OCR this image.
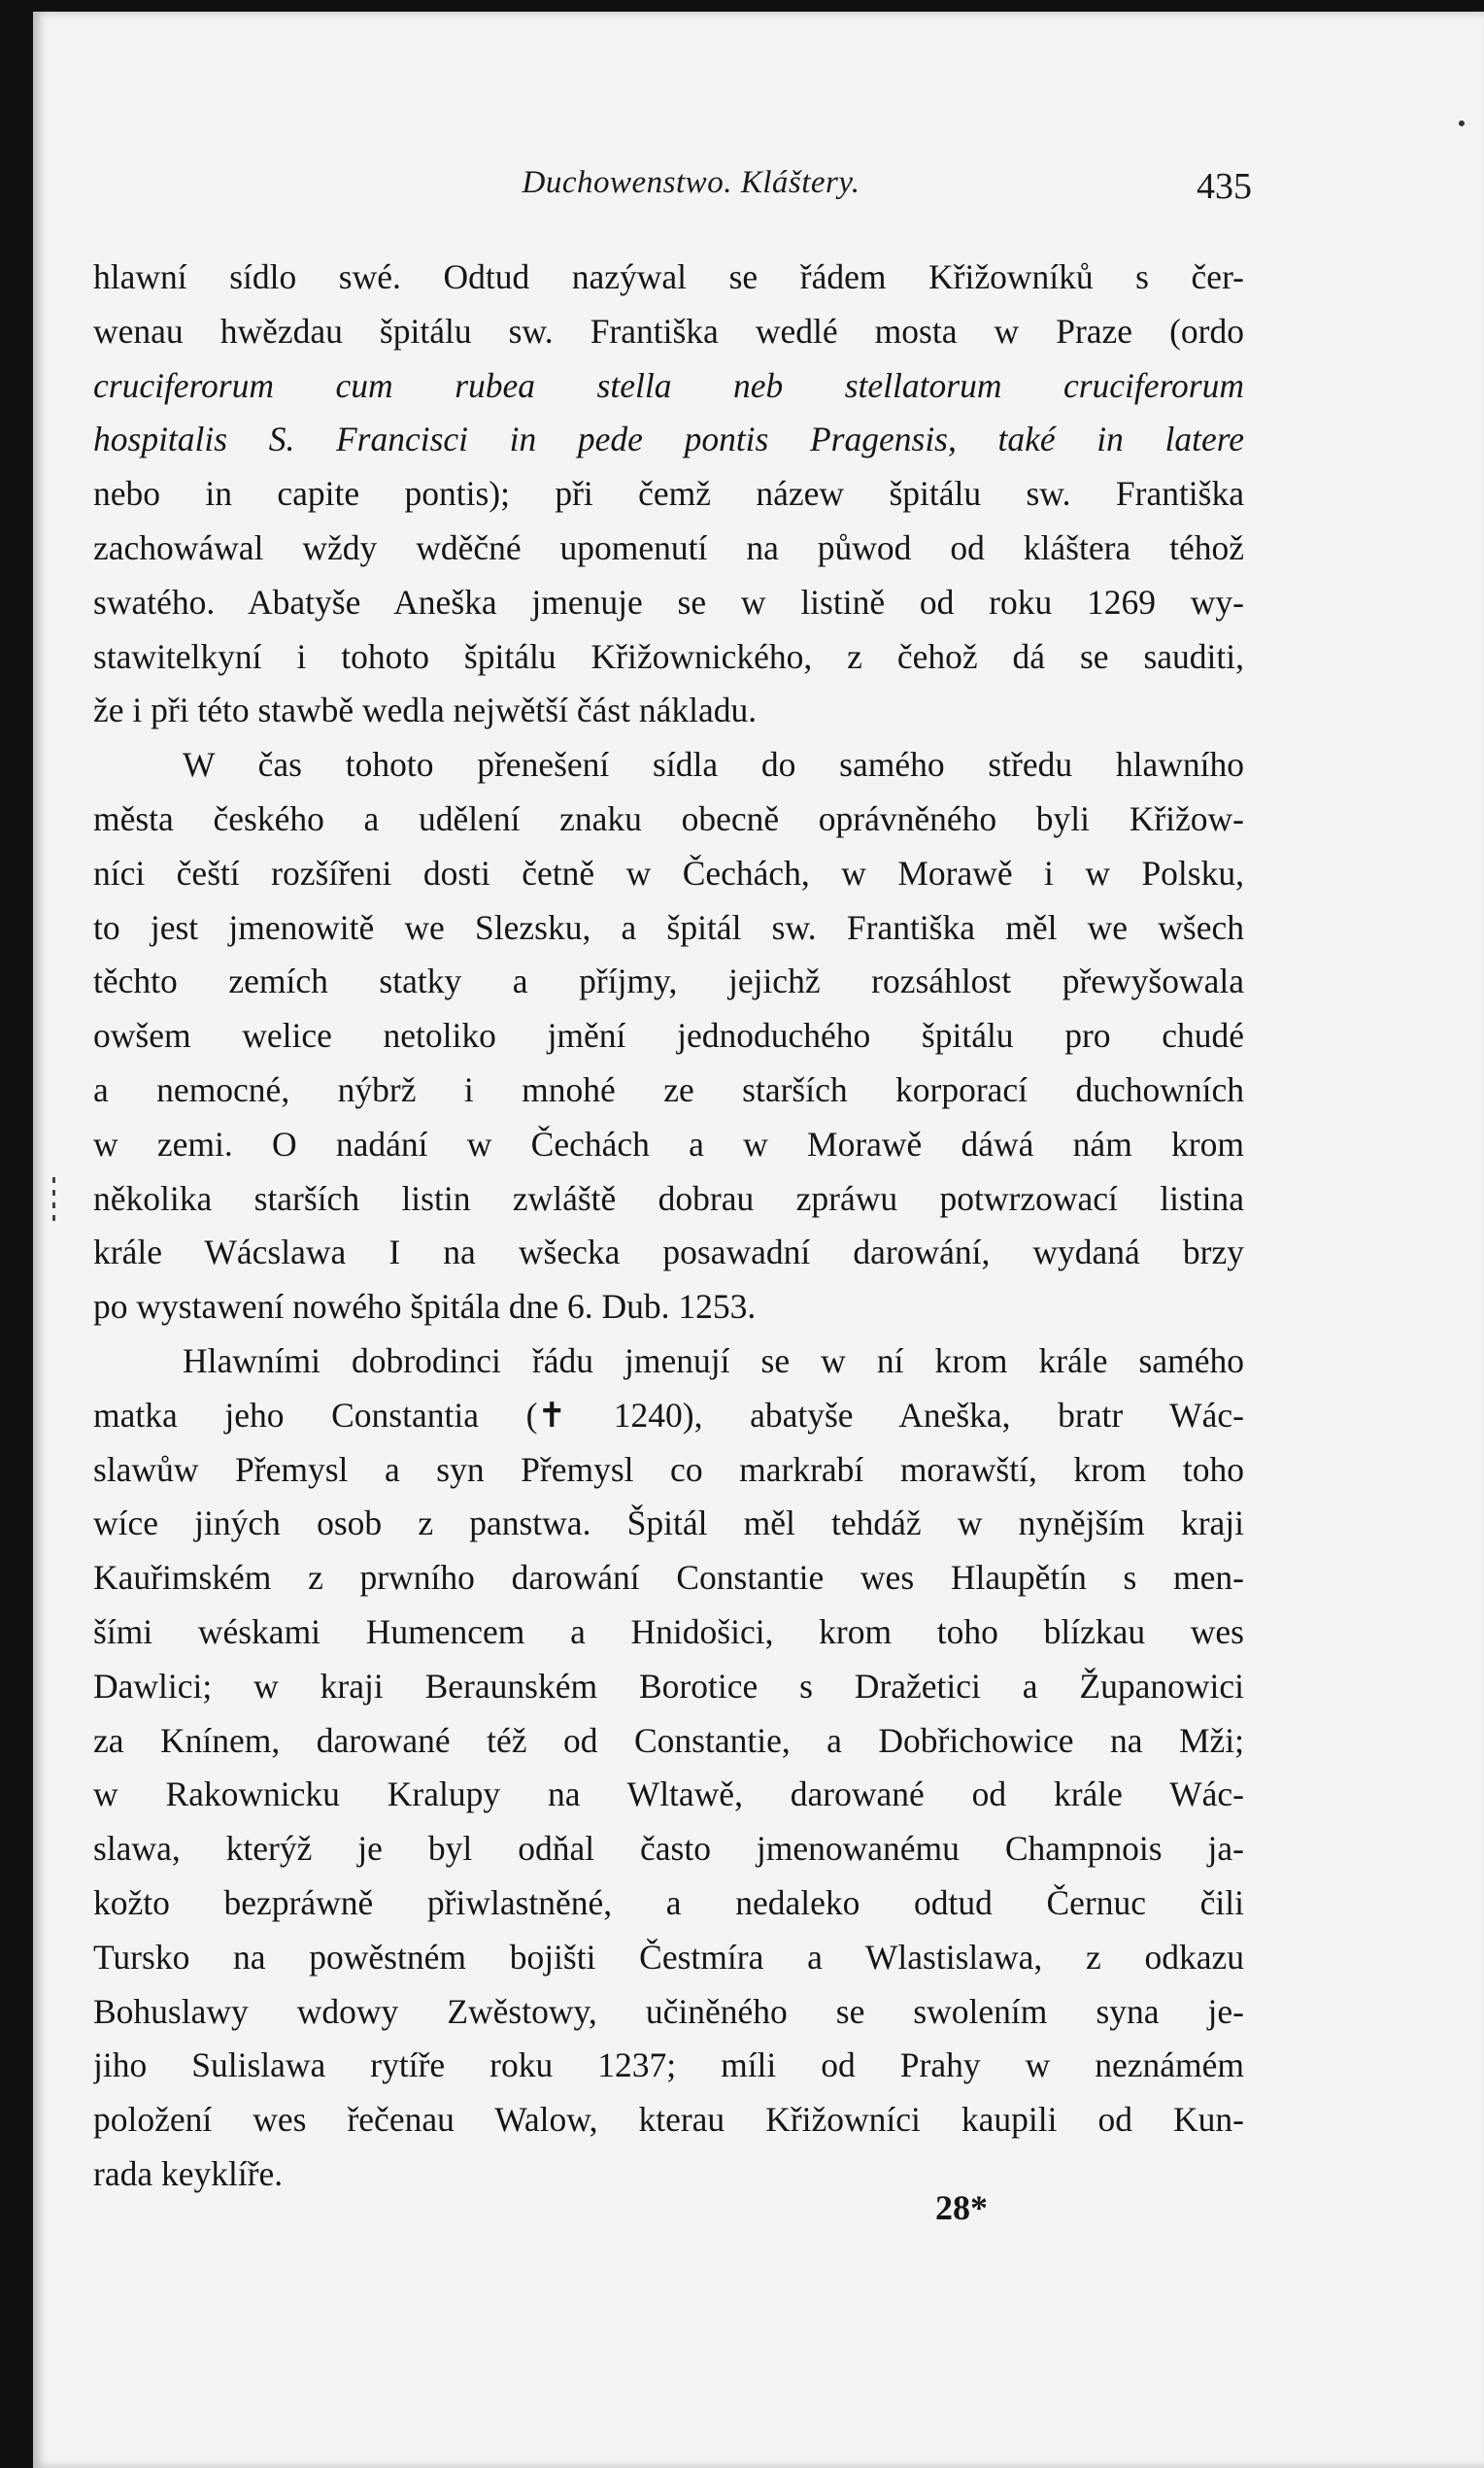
Duchowenstwo. Kláštery.	435
hlawní sídlo swé. Odtud nazýwal se řádem Křižowníků s čer-
wenau hwězdau špitálu sw. Františka wedlé mosta w Praze (ordo
cruciferorum cum rubea stella neb stellatorum cruciferorum
hospitalis S. Francisci in pede pontis Pragensis, také in latere
nebo in capite pontis); při čemž názew špitálu sw. Františka
zachowáwal wždy wděčné upomenutí na půwod od kláštera téhož
swatého. Abatyše Aneška jmenuje se w listině od roku 1269 wy-
stawitelkyní i tohoto špitálu Křižownického, z čehož dá se sauditi,
že i při této stawbě wedla nejwětší část nákladu.
W čas tohoto přenešení sídla do samého středu hlawního
města českého a udělení znaku obecně oprávněného byli Křižow-
níci čeští rozšířeni dosti četně w Čechách, w Morawě i w Polsku,
to jest jmenowitě we Slezsku, a špitál sw. Františka měl we wšech
těchto zemích statky a příjmy, jejichž rozsáhlost přewyšowala
owšem welice netoliko jmění jednoduchého špitálu pro chudé
a nemocné, nýbrž i mnohé ze starších korporací duchowních
w zemi. O nadání w Čechách a w Morawě dáwá nám krom
několika starších listin zwláště dobrau zpráwu potwrzowací listina
krále Wácslawa I na wšecka posawadní darowání, wydaná brzy
po wystawení nowého špitála dne 6. Dub. 1253.
Hlawními dobrodinci řádu jmenují se w ní krom krále samého
matka jeho Constantia (✝ 1240), abatyše Aneška, bratr Wác-
slawůw Přemysl a syn Přemysl co markrabí morawští, krom toho
wíce jiných osob z panstwa. Špitál měl tehdáž w nynějším kraji
Kauřimském z prwního darowání Constantie wes Hlaupětín s men-
šími wéskami Humencem a Hnidošici, krom toho blízkau wes
Dawlici; w kraji Beraunském Borotice s Dražetici a Županowici
za Knínem, darowané též od Constantie, a Dobřichowice na Mži;
w Rakownicku Kralupy na Wltawě, darowané od krále Wác-
slawa, kterýž je byl odňal často jmenowanému Champnois ja-
kožto bezpráwně přiwlastněné, a nedaleko odtud Černuc čili
Tursko na powěstném bojišti Čestmíra a Wlastislawa, z odkazu
Bohuslawy wdowy Zwěstowy, učiněného se swolením syna je-
jiho Sulislawa rytíře roku 1237; míli od Prahy w neznámém
položení wes řečenau Walow, kterau Křižowníci kaupili od Kun-
rada keyklíře.
28*
